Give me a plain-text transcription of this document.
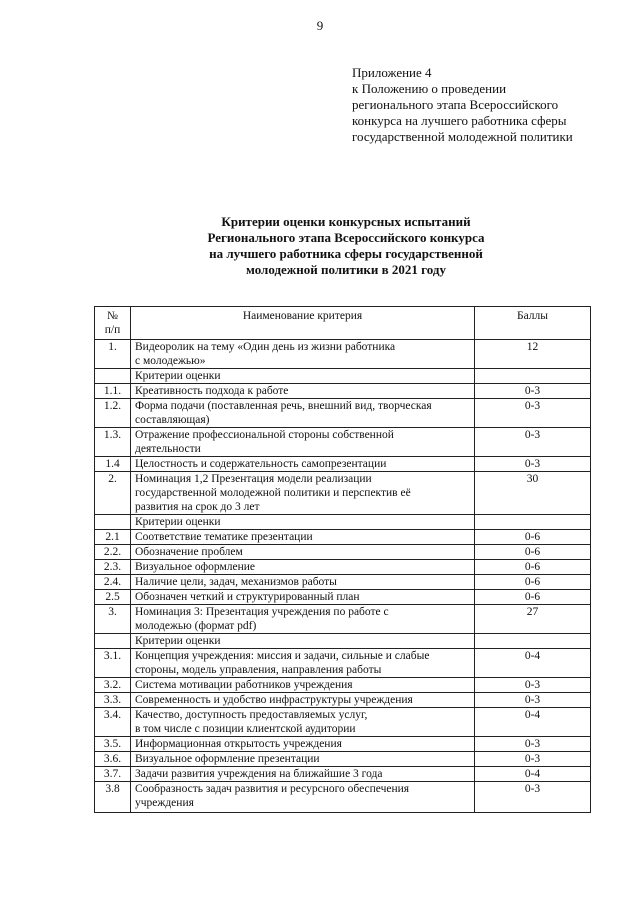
9
Приложение 4
к Положению о проведении
регионального этапа Всероссийского
конкурса на лучшего работника сферы
государственной молодежной политики
Критерии оценки конкурсных испытаний
Регионального этапа Всероссийского конкурса
на лучшего работника сферы государственной
молодежной политики в 2021 году
№
п/п	Наименование критерия	Баллы
1.	Видеоролик на тему «Один день из жизни работника
с молодежью»	12

	Критерии оценки	

1.1.	Креативность подхода к работе	0-3
1.2.	Форма подачи (поставленная речь, внешний вид, творческая
составляющая)	0-3
1.3.	Отражение профессиональной стороны собственной
деятельности	0-3
1.4	Целостность и содержательность самопрезентации	0-3
2.	Номинация 1,2 Презентация модели реализации
государственной молодежной политики и перспектив её
развития на срок до 3 лет	30

	Критерии оценки	

2.1	Соответствие тематике презентации	0-6
2.2.	Обозначение проблем	0-6
2.3.	Визуальное оформление	0-6
2.4.	Наличие цели, задач, механизмов работы	0-6
2.5	Обозначен четкий и структурированный план	0-6
3.	Номинация 3: Презентация учреждения по работе с
молодежью (формат pdf)	27

	Критерии оценки	

3.1.	Концепция учреждения: миссия и задачи, сильные и слабые
стороны, модель управления, направления работы	0-4
3.2.	Система мотивации работников учреждения	0-3
3.3.	Современность и удобство инфраструктуры учреждения	0-3
3.4.	Качество, доступность предоставляемых услуг,
в том числе с позиции клиентской аудитории	0-4
3.5.	Информационная открытость учреждения	0-3
3.6.	Визуальное оформление презентации	0-3
3.7.	Задачи развития учреждения на ближайшие 3 года	0-4
3.8	Сообразность задач развития и ресурсного обеспечения
учреждения	0-3
